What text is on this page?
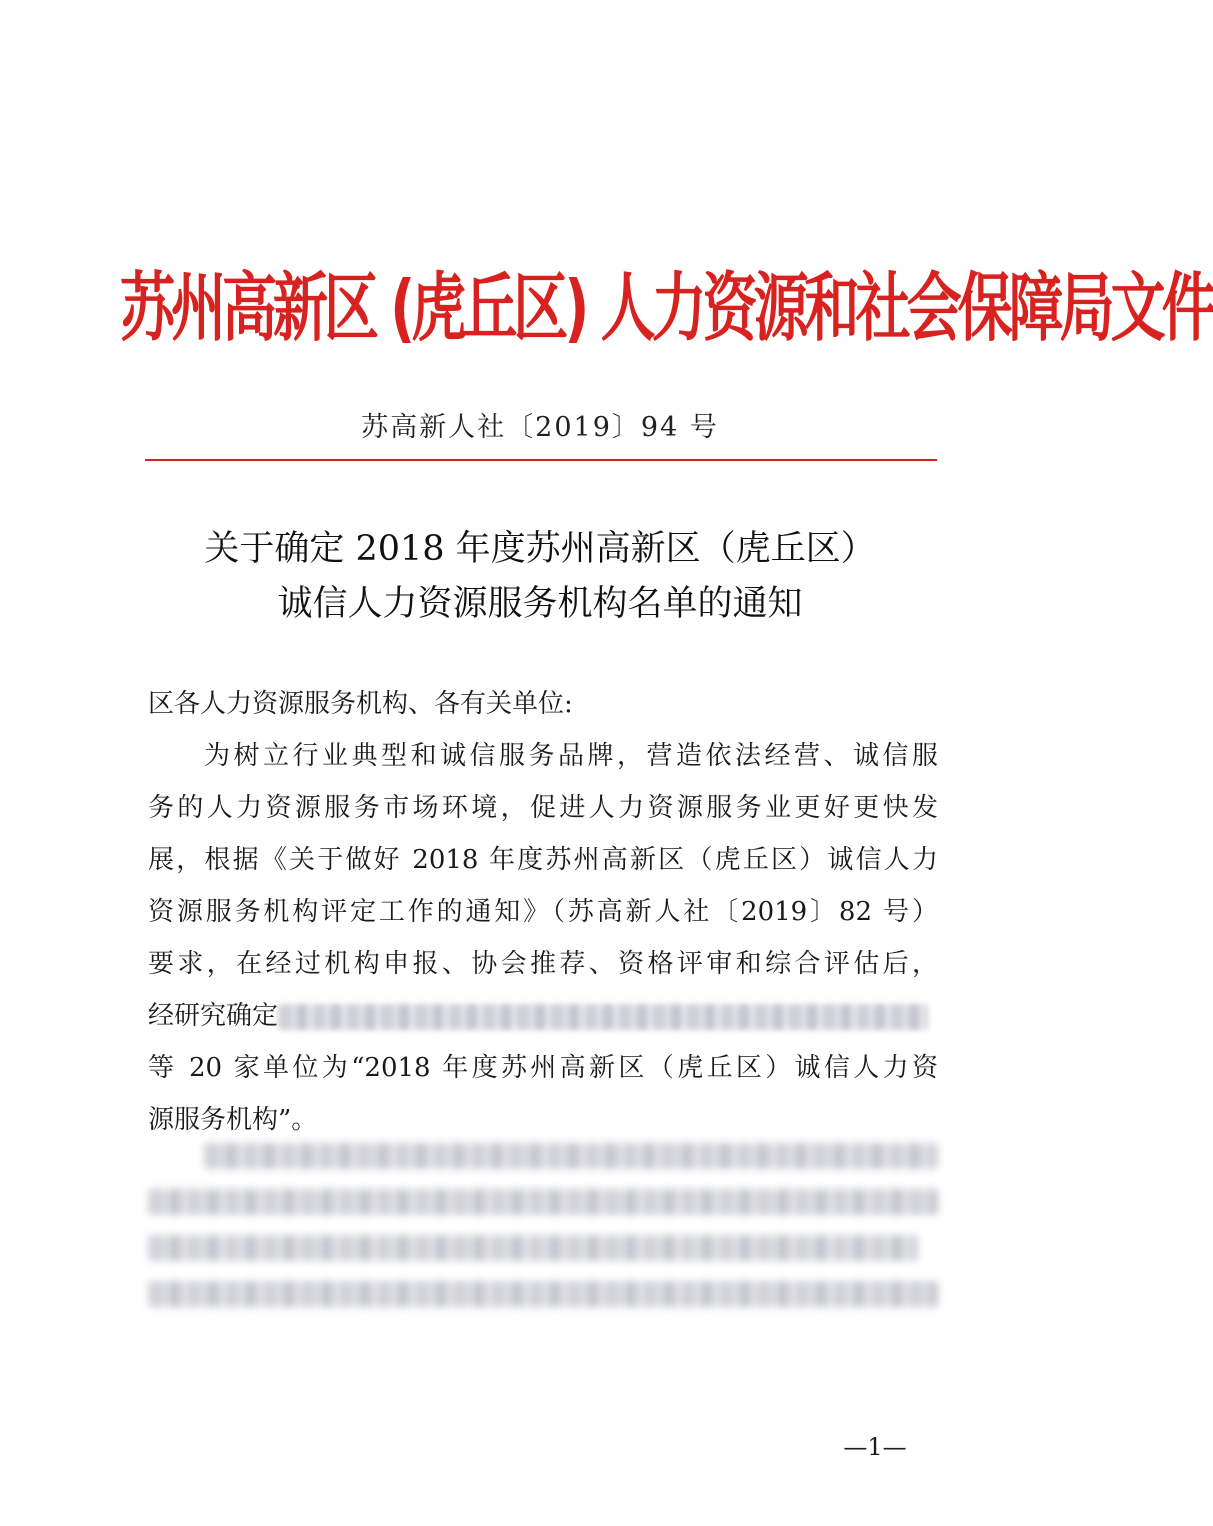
苏州高新区 (虎丘区) 人力资源和社会保障局文件
苏高新人社〔2019〕94 号
关于确定 2018 年度苏州高新区（虎丘区）
诚信人力资源服务机构名单的通知
区各人力资源服务机构、各有关单位:
为树立行业典型和诚信服务品牌，营造依法经营、诚信服
务的人力资源服务市场环境，促进人力资源服务业更好更快发
展，根据《关于做好 2018 年度苏州高新区（虎丘区）诚信人力
资源服务机构评定工作的通知》（苏高新人社〔2019〕82 号）
要求，在经过机构申报、协会推荐、资格评审和综合评估后，
经研究确定
等 20 家单位为“2018 年度苏州高新区（虎丘区）诚信人力资
源服务机构”。
—1—
